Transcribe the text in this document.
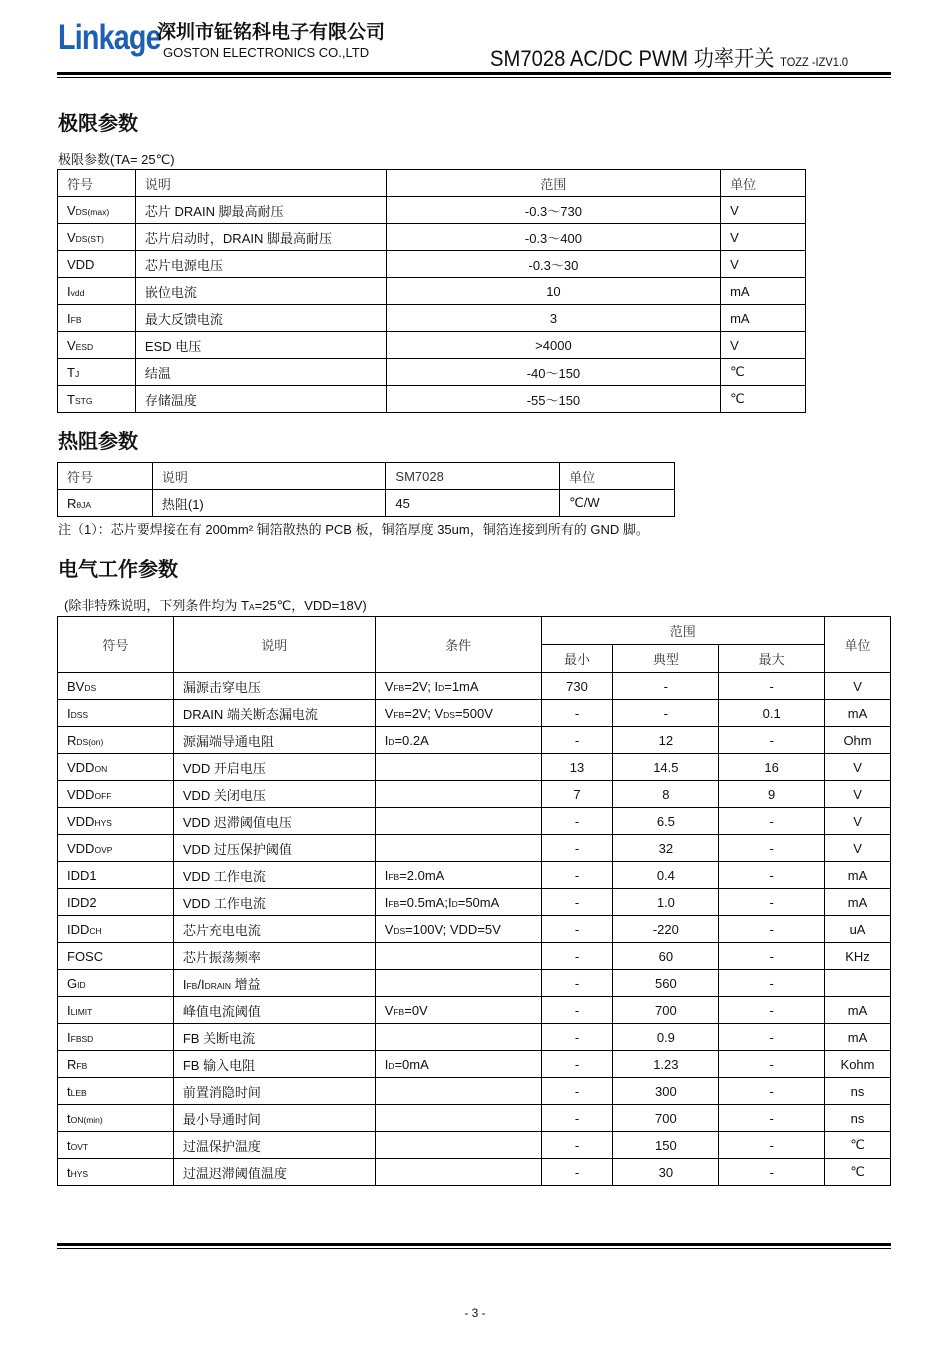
Linkage
深圳市钲铭科电子有限公司
GOSTON ELECTRONICS CO.,LTD	SM7028 AC/DC PWM 功率开关 TOZZ -IZV1.0
极限参数
极限参数(TA= 25℃)
符号	说明	范围	单位
VDS(max)	芯片 DRAIN 脚最高耐压	-0.3～730	V
VDS(ST)	芯片启动时，DRAIN 脚最高耐压	-0.3～400	V
VDD	芯片电源电压	-0.3～30	V
Ivdd	嵌位电流	10	mA
IFB	最大反馈电流	3	mA
VESD	ESD 电压	>4000	V
TJ	结温	-40～150	℃
TSTG	存储温度	-55～150	℃
热阻参数
符号	说明	SM7028	单位
RθJA	热阻(1)	45	℃/W
注（1）：芯片要焊接在有 200mm² 铜箔散热的 PCB 板，铜箔厚度 35um，铜箔连接到所有的 GND 脚。
电气工作参数
(除非特殊说明，下列条件均为 TA=25℃，VDD=18V)
符号	说明	条件	范围			单位
			最小	典型	最大	
BVDS	漏源击穿电压	VFB=2V; ID=1mA	730	-	-	V
IDSS	DRAIN 端关断态漏电流	VFB=2V; VDS=500V	-	-	0.1	mA
RDS(on)	源漏端导通电阻	ID=0.2A	-	12	-	Ohm
VDDON	VDD 开启电压		13	14.5	16	V
VDDOFF	VDD 关闭电压		7	8	9	V
VDDHYS	VDD 迟滞阈值电压		-	6.5	-	V
VDDOVP	VDD 过压保护阈值		-	32	-	V
IDD1	VDD 工作电流	IFB=2.0mA	-	0.4	-	mA
IDD2	VDD 工作电流	IFB=0.5mA;ID=50mA	-	1.0	-	mA
IDDCH	芯片充电电流	VDS=100V; VDD=5V	-	-220	-	uA
FOSC	芯片振荡频率		-	60	-	KHz
GID	IFB/IDRAIN 增益		-	560	-	
ILIMIT	峰值电流阈值	VFB=0V	-	700	-	mA
IFBSD	FB 关断电流		-	0.9	-	mA
RFB	FB 输入电阻	ID=0mA	-	1.23	-	Kohm
tLEB	前置消隐时间		-	300	-	ns
tON(min)	最小导通时间		-	700	-	ns
tOVT	过温保护温度		-	150	-	℃
tHYS	过温迟滞阈值温度		-	30	-	℃
- 3 -
